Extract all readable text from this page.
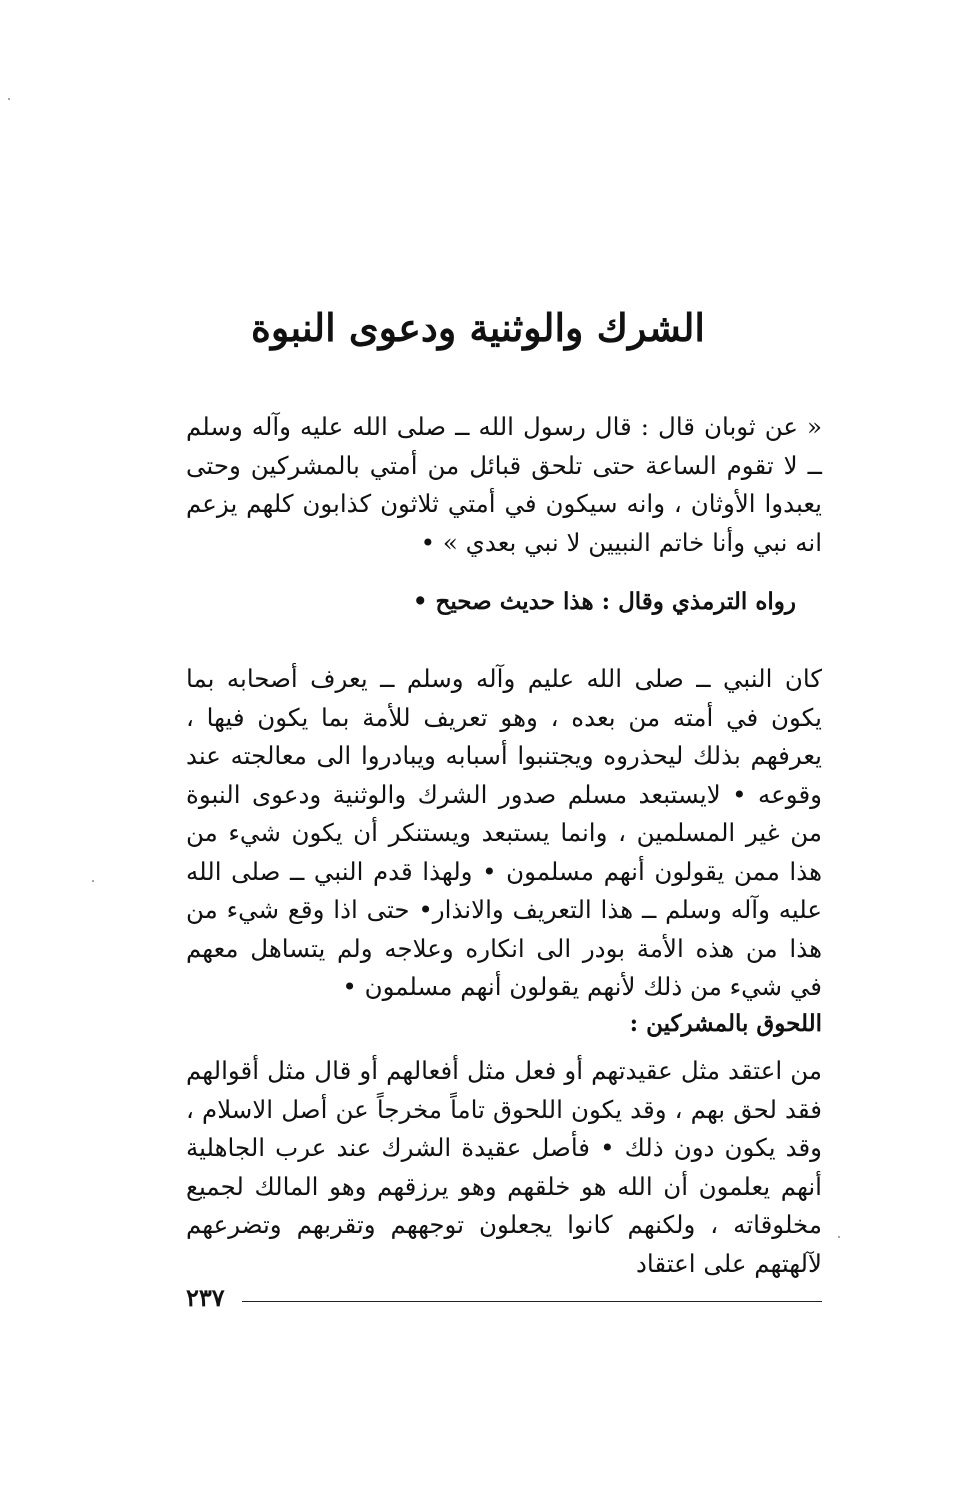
الشرك والوثنية ودعوى النبوة

« عن ثوبان قال : قال رسول الله ــ صلى الله عليه وآله وسلم ــ لا تقوم الساعة حتى تلحق قبائل من أمتي بالمشركين وحتى يعبدوا الأوثان ، وانه سيكون في أمتي ثلاثون كذابون كلهم يزعم انه نبي وأنا خاتم النبيين لا نبي بعدي » •

رواه الترمذي وقال : هذا حديث صحيح •

كان النبي ــ صلى الله عليم وآله وسلم ــ يعرف أصحابه بما يكون في أمته من بعده ، وهو تعريف للأمة بما يكون فيها ، يعرفهم بذلك ليحذروه ويجتنبوا أسبابه ويبادروا الى معالجته عند وقوعه • لايستبعد مسلم صدور الشرك والوثنية ودعوى النبوة من غير المسلمين ، وانما يستبعد ويستنكر أن يكون شيء من هذا ممن يقولون أنهم مسلمون • ولهذا قدم النبي ــ صلى الله عليه وآله وسلم ــ هذا التعريف والانذار• حتى اذا وقع شيء من هذا من هذه الأمة بودر الى انكاره وعلاجه ولم يتساهل معهم في شيء من ذلك لأنهم يقولون أنهم مسلمون •

اللحوق بالمشركين :

من اعتقد مثل عقيدتهم أو فعل مثل أفعالهم أو قال مثل أقوالهم فقد لحق بهم ، وقد يكون اللحوق تاماً مخرجاً عن أصل الاسلام ، وقد يكون دون ذلك • فأصل عقيدة الشرك عند عرب الجاهلية أنهم يعلمون أن الله هو خلقهم وهو يرزقهم وهو المالك لجميع مخلوقاته ، ولكنهم كانوا يجعلون توجههم وتقربهم وتضرعهم لآلهتهم على اعتقاد

٢٣٧
